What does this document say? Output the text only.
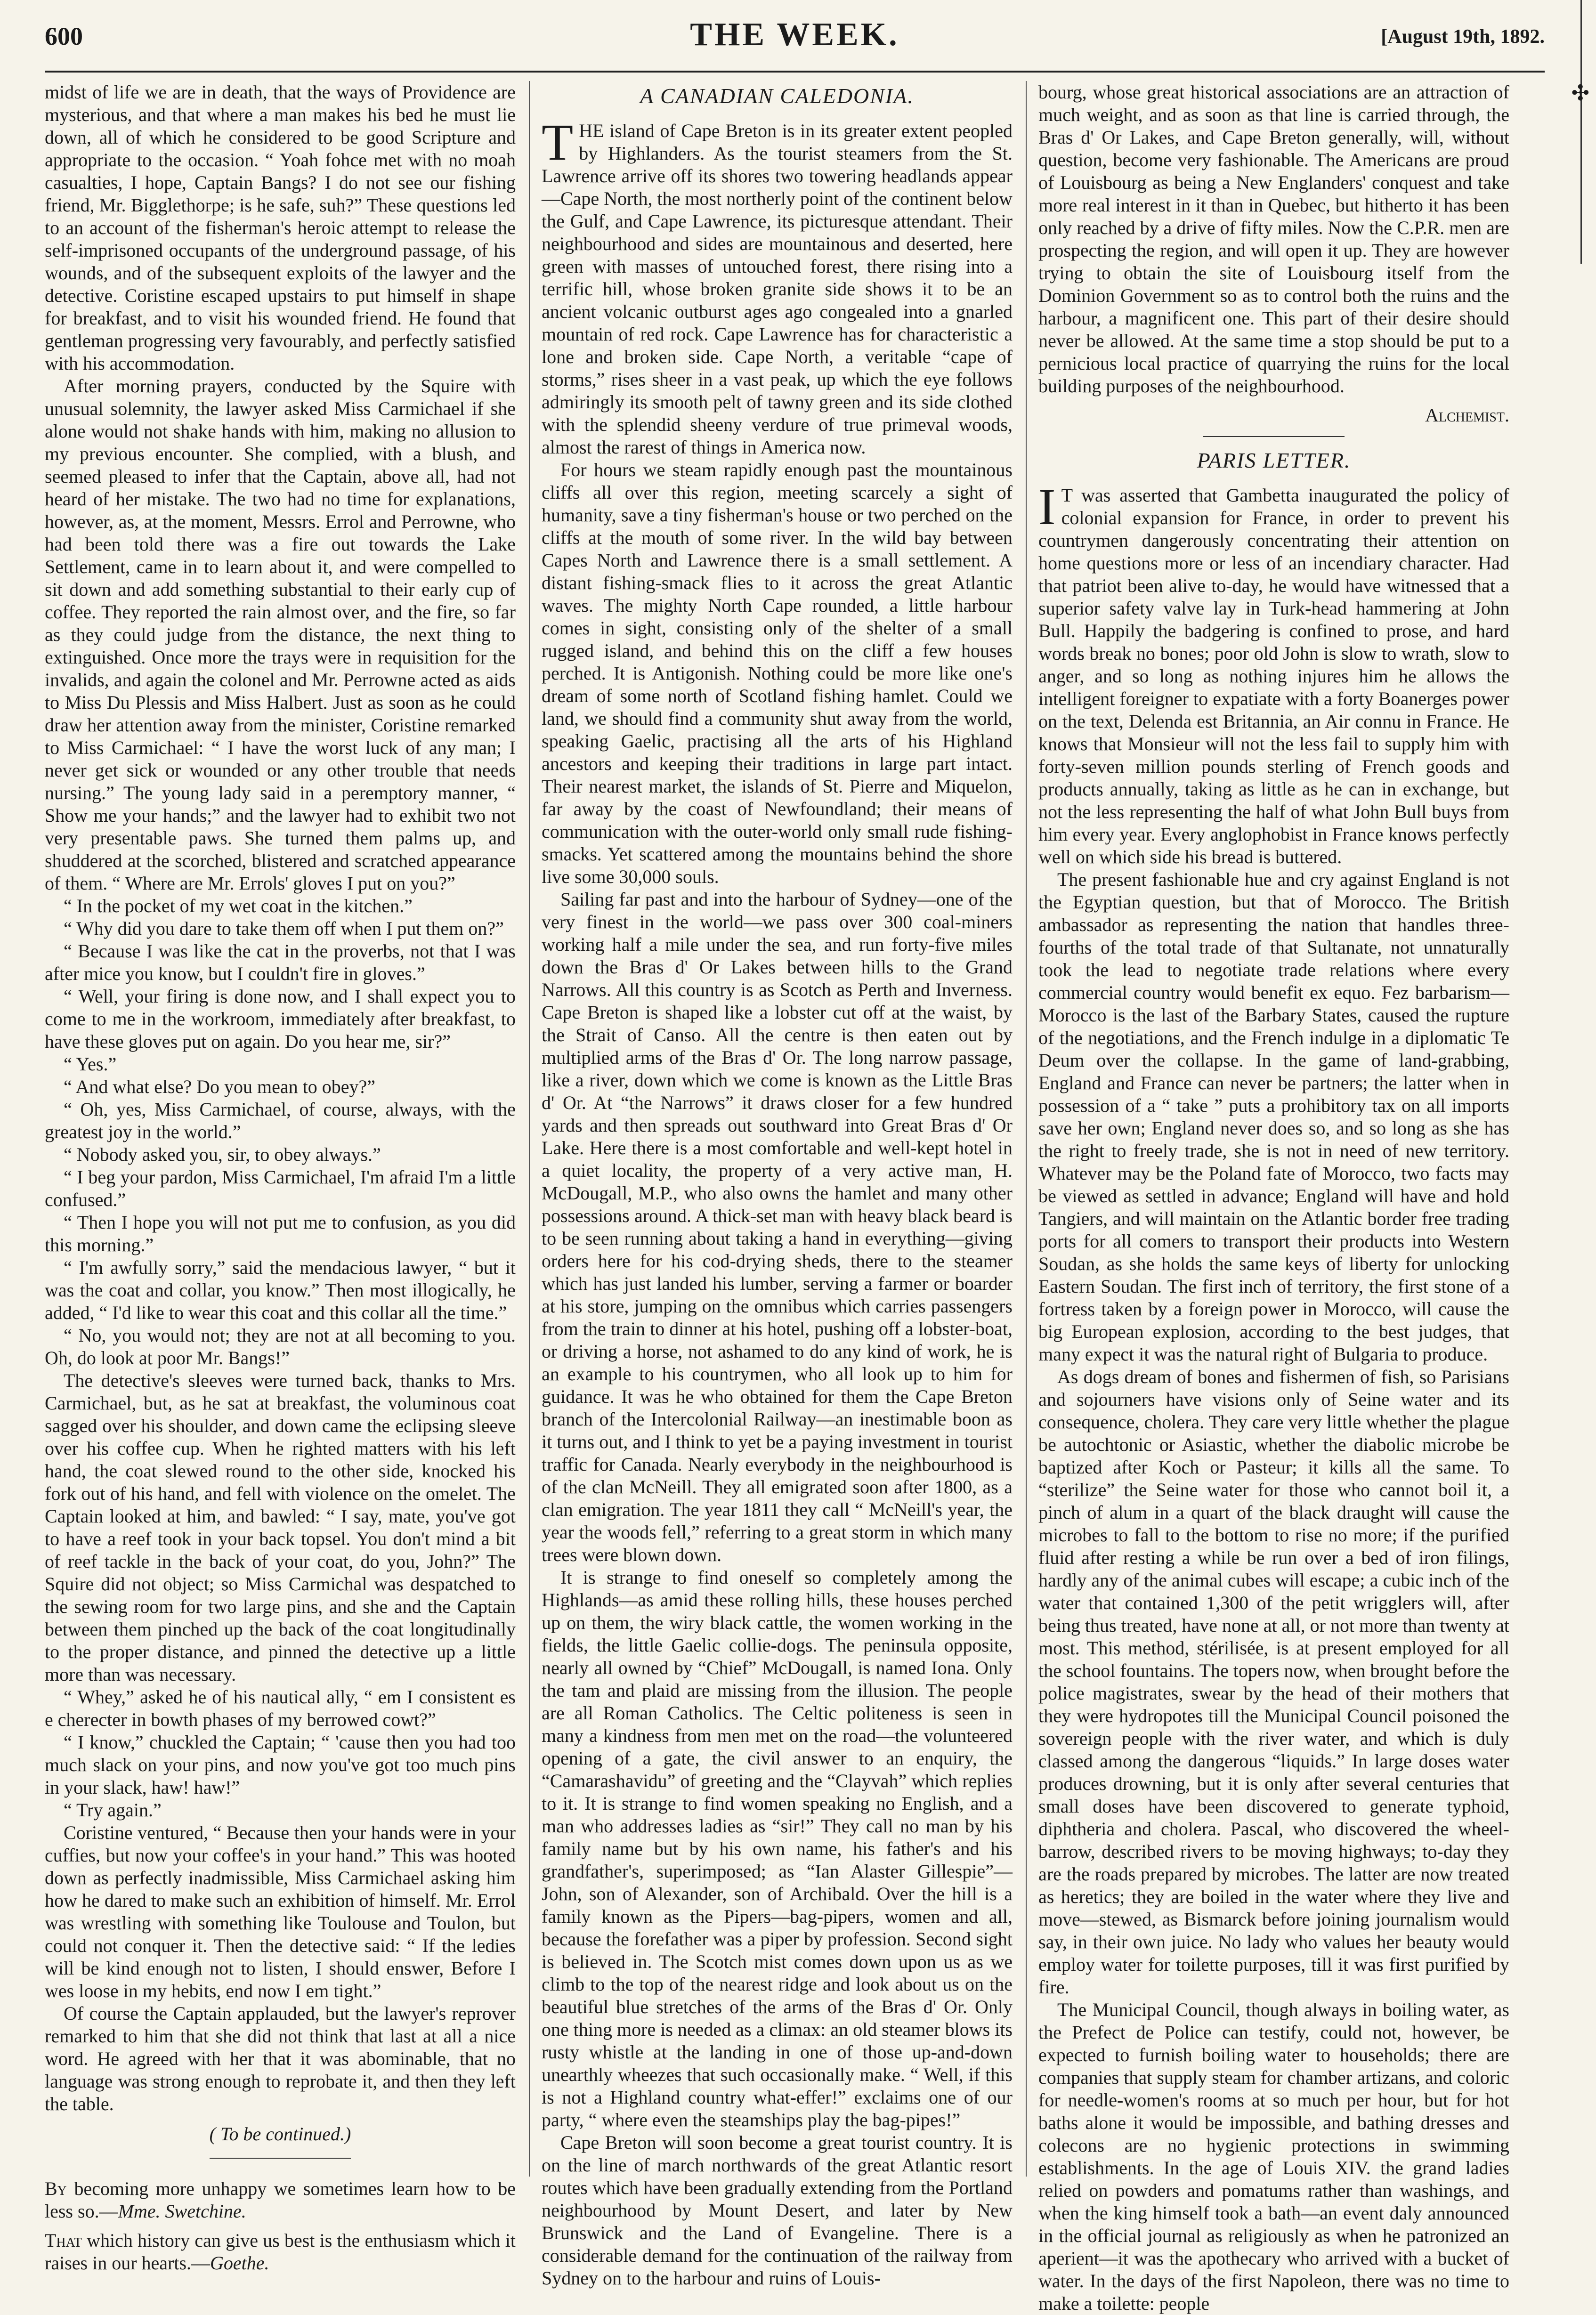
600	THE WEEK.	[August 19th, 1892.

midst of life we are in death, that the ways of Providence are mysterious, and that where a man makes his bed he must lie down, all of which he considered to be good Scripture and appropriate to the occasion. “ Yoah fohce met with no moah casualties, I hope, Captain Bangs? I do not see our fishing friend, Mr. Bigglethorpe; is he safe, suh?” These questions led to an account of the fisherman's heroic attempt to release the self-imprisoned occupants of the underground passage, of his wounds, and of the subsequent exploits of the lawyer and the detective. Coristine escaped upstairs to put himself in shape for breakfast, and to visit his wounded friend. He found that gentleman progressing very favourably, and perfectly satisfied with his accommodation.

After morning prayers, conducted by the Squire with unusual solemnity, the lawyer asked Miss Carmichael if she alone would not shake hands with him, making no allusion to my previous encounter. She complied, with a blush, and seemed pleased to infer that the Captain, above all, had not heard of her mistake. The two had no time for explanations, however, as, at the moment, Messrs. Errol and Perrowne, who had been told there was a fire out towards the Lake Settlement, came in to learn about it, and were compelled to sit down and add something substantial to their early cup of coffee. They reported the rain almost over, and the fire, so far as they could judge from the distance, the next thing to extinguished. Once more the trays were in requisition for the invalids, and again the colonel and Mr. Perrowne acted as aids to Miss Du Plessis and Miss Halbert. Just as soon as he could draw her attention away from the minister, Coristine remarked to Miss Carmichael: “ I have the worst luck of any man; I never get sick or wounded or any other trouble that needs nursing.” The young lady said in a peremptory manner, “ Show me your hands;” and the lawyer had to exhibit two not very presentable paws. She turned them palms up, and shuddered at the scorched, blistered and scratched appearance of them. “ Where are Mr. Errols' gloves I put on you?”

“ In the pocket of my wet coat in the kitchen.”

“ Why did you dare to take them off when I put them on?”

“ Because I was like the cat in the proverbs, not that I was after mice you know, but I couldn't fire in gloves.”

“ Well, your firing is done now, and I shall expect you to come to me in the workroom, immediately after breakfast, to have these gloves put on again. Do you hear me, sir?”

“ Yes.”

“ And what else? Do you mean to obey?”

“ Oh, yes, Miss Carmichael, of course, always, with the greatest joy in the world.”

“ Nobody asked you, sir, to obey always.”

“ I beg your pardon, Miss Carmichael, I'm afraid I'm a little confused.”

“ Then I hope you will not put me to confusion, as you did this morning.”

“ I'm awfully sorry,” said the mendacious lawyer, “ but it was the coat and collar, you know.” Then most illogically, he added, “ I'd like to wear this coat and this collar all the time.”

“ No, you would not; they are not at all becoming to you. Oh, do look at poor Mr. Bangs!”

The detective's sleeves were turned back, thanks to Mrs. Carmichael, but, as he sat at breakfast, the voluminous coat sagged over his shoulder, and down came the eclipsing sleeve over his coffee cup. When he righted matters with his left hand, the coat slewed round to the other side, knocked his fork out of his hand, and fell with violence on the omelet. The Captain looked at him, and bawled: “ I say, mate, you've got to have a reef took in your back topsel. You don't mind a bit of reef tackle in the back of your coat, do you, John?” The Squire did not object; so Miss Carmichal was despatched to the sewing room for two large pins, and she and the Captain between them pinched up the back of the coat longitudinally to the proper distance, and pinned the detective up a little more than was necessary.

“ Whey,” asked he of his nautical ally, “ em I consistent es e cherecter in bowth phases of my berrowed cowt?”

“ I know,” chuckled the Captain; “ 'cause then you had too much slack on your pins, and now you've got too much pins in your slack, haw! haw!”

“ Try again.”

Coristine ventured, “ Because then your hands were in your cuffies, but now your coffee's in your hand.” This was hooted down as perfectly inadmissible, Miss Carmichael asking him how he dared to make such an exhibition of himself. Mr. Errol was wrestling with something like Toulouse and Toulon, but could not conquer it. Then the detective said: “ If the ledies will be kind enough not to listen, I should enswer, Before I wes loose in my hebits, end now I em tight.”

Of course the Captain applauded, but the lawyer's reprover remarked to him that she did not think that last at all a nice word. He agreed with her that it was abominable, that no language was strong enough to reprobate it, and then they left the table.

( To be continued.)

By becoming more unhappy we sometimes learn how to be less so.—Mme. Swetchine.

That which history can give us best is the enthusiasm which it raises in our hearts.—Goethe.

A CANADIAN CALEDONIA.

THE island of Cape Breton is in its greater extent peopled by Highlanders. As the tourist steamers from the St. Lawrence arrive off its shores two towering headlands appear—Cape North, the most northerly point of the continent below the Gulf, and Cape Lawrence, its picturesque attendant. Their neighbourhood and sides are mountainous and deserted, here green with masses of untouched forest, there rising into a terrific hill, whose broken granite side shows it to be an ancient volcanic outburst ages ago congealed into a gnarled mountain of red rock. Cape Lawrence has for characteristic a lone and broken side. Cape North, a veritable “cape of storms,” rises sheer in a vast peak, up which the eye follows admiringly its smooth pelt of tawny green and its side clothed with the splendid sheeny verdure of true primeval woods, almost the rarest of things in America now.

For hours we steam rapidly enough past the mountainous cliffs all over this region, meeting scarcely a sight of humanity, save a tiny fisherman's house or two perched on the cliffs at the mouth of some river. In the wild bay between Capes North and Lawrence there is a small settlement. A distant fishing-smack flies to it across the great Atlantic waves. The mighty North Cape rounded, a little harbour comes in sight, consisting only of the shelter of a small rugged island, and behind this on the cliff a few houses perched. It is Antigonish. Nothing could be more like one's dream of some north of Scotland fishing hamlet. Could we land, we should find a community shut away from the world, speaking Gaelic, practising all the arts of his Highland ancestors and keeping their traditions in large part intact. Their nearest market, the islands of St. Pierre and Miquelon, far away by the coast of Newfoundland; their means of communication with the outer-world only small rude fishing-smacks. Yet scattered among the mountains behind the shore live some 30,000 souls.

Sailing far past and into the harbour of Sydney—one of the very finest in the world—we pass over 300 coal-miners working half a mile under the sea, and run forty-five miles down the Bras d' Or Lakes between hills to the Grand Narrows. All this country is as Scotch as Perth and Inverness. Cape Breton is shaped like a lobster cut off at the waist, by the Strait of Canso. All the centre is then eaten out by multiplied arms of the Bras d' Or. The long narrow passage, like a river, down which we come is known as the Little Bras d' Or. At “the Narrows” it draws closer for a few hundred yards and then spreads out southward into Great Bras d' Or Lake. Here there is a most comfortable and well-kept hotel in a quiet locality, the property of a very active man, H. McDougall, M.P., who also owns the hamlet and many other possessions around. A thick-set man with heavy black beard is to be seen running about taking a hand in everything—giving orders here for his cod-drying sheds, there to the steamer which has just landed his lumber, serving a farmer or boarder at his store, jumping on the omnibus which carries passengers from the train to dinner at his hotel, pushing off a lobster-boat, or driving a horse, not ashamed to do any kind of work, he is an example to his countrymen, who all look up to him for guidance. It was he who obtained for them the Cape Breton branch of the Intercolonial Railway—an inestimable boon as it turns out, and I think to yet be a paying investment in tourist traffic for Canada. Nearly everybody in the neighbourhood is of the clan McNeill. They all emigrated soon after 1800, as a clan emigration. The year 1811 they call “ McNeill's year, the year the woods fell,” referring to a great storm in which many trees were blown down.

It is strange to find oneself so completely among the Highlands—as amid these rolling hills, these houses perched up on them, the wiry black cattle, the women working in the fields, the little Gaelic collie-dogs. The peninsula opposite, nearly all owned by “Chief” McDougall, is named Iona. Only the tam and plaid are missing from the illusion. The people are all Roman Catholics. The Celtic politeness is seen in many a kindness from men met on the road—the volunteered opening of a gate, the civil answer to an enquiry, the “Camarashavidu” of greeting and the “Clayvah” which replies to it. It is strange to find women speaking no English, and a man who addresses ladies as “sir!” They call no man by his family name but by his own name, his father's and his grandfather's, superimposed; as “Ian Alaster Gillespie”—John, son of Alexander, son of Archibald. Over the hill is a family known as the Pipers—bag-pipers, women and all, because the forefather was a piper by profession. Second sight is believed in. The Scotch mist comes down upon us as we climb to the top of the nearest ridge and look about us on the beautiful blue stretches of the arms of the Bras d' Or. Only one thing more is needed as a climax: an old steamer blows its rusty whistle at the landing in one of those up-and-down unearthly wheezes that such occasionally make. “ Well, if this is not a Highland country what-effer!” exclaims one of our party, “ where even the steamships play the bag-pipes!”

Cape Breton will soon become a great tourist country. It is on the line of march northwards of the great Atlantic resort routes which have been gradually extending from the Portland neighbourhood by Mount Desert, and later by New Brunswick and the Land of Evangeline. There is a considerable demand for the continuation of the railway from Sydney on to the harbour and ruins of Louis-

bourg, whose great historical associations are an attraction of much weight, and as soon as that line is carried through, the Bras d' Or Lakes, and Cape Breton generally, will, without question, become very fashionable. The Americans are proud of Louisbourg as being a New Englanders' conquest and take more real interest in it than in Quebec, but hitherto it has been only reached by a drive of fifty miles. Now the C.P.R. men are prospecting the region, and will open it up. They are however trying to obtain the site of Louisbourg itself from the Dominion Government so as to control both the ruins and the harbour, a magnificent one. This part of their desire should never be allowed. At the same time a stop should be put to a pernicious local practice of quarrying the ruins for the local building purposes of the neighbourhood.

Alchemist.
PARIS LETTER.

I T was asserted that Gambetta inaugurated the policy of colonial expansion for France, in order to prevent his countrymen dangerously concentrating their attention on home questions more or less of an incendiary character. Had that patriot been alive to-day, he would have witnessed that a superior safety valve lay in Turk-head hammering at John Bull. Happily the badgering is confined to prose, and hard words break no bones; poor old John is slow to wrath, slow to anger, and so long as nothing injures him he allows the intelligent foreigner to expatiate with a forty Boanerges power on the text, Delenda est Britannia, an Air connu in France. He knows that Monsieur will not the less fail to supply him with forty-seven million pounds sterling of French goods and products annually, taking as little as he can in exchange, but not the less representing the half of what John Bull buys from him every year. Every anglophobist in France knows perfectly well on which side his bread is buttered.

The present fashionable hue and cry against England is not the Egyptian question, but that of Morocco. The British ambassador as representing the nation that handles three-fourths of the total trade of that Sultanate, not unnaturally took the lead to negotiate trade relations where every commercial country would benefit ex equo. Fez barbarism—Morocco is the last of the Barbary States, caused the rupture of the negotiations, and the French indulge in a diplomatic Te Deum over the collapse. In the game of land-grabbing, England and France can never be partners; the latter when in possession of a “ take ” puts a prohibitory tax on all imports save her own; England never does so, and so long as she has the right to freely trade, she is not in need of new territory. Whatever may be the Poland fate of Morocco, two facts may be viewed as settled in advance; England will have and hold Tangiers, and will maintain on the Atlantic border free trading ports for all comers to transport their products into Western Soudan, as she holds the same keys of liberty for unlocking Eastern Soudan. The first inch of territory, the first stone of a fortress taken by a foreign power in Morocco, will cause the big European explosion, according to the best judges, that many expect it was the natural right of Bulgaria to produce.

As dogs dream of bones and fishermen of fish, so Parisians and sojourners have visions only of Seine water and its consequence, cholera. They care very little whether the plague be autochtonic or Asiastic, whether the diabolic microbe be baptized after Koch or Pasteur; it kills all the same. To “sterilize” the Seine water for those who cannot boil it, a pinch of alum in a quart of the black draught will cause the microbes to fall to the bottom to rise no more; if the purified fluid after resting a while be run over a bed of iron filings, hardly any of the animal cubes will escape; a cubic inch of the water that contained 1,300 of the petit wrigglers will, after being thus treated, have none at all, or not more than twenty at most. This method, stérilisée, is at present employed for all the school fountains. The topers now, when brought before the police magistrates, swear by the head of their mothers that they were hydropotes till the Municipal Council poisoned the sovereign people with the river water, and which is duly classed among the dangerous “liquids.” In large doses water produces drowning, but it is only after several centuries that small doses have been discovered to generate typhoid, diphtheria and cholera. Pascal, who discovered the wheel-barrow, described rivers to be moving highways; to-day they are the roads prepared by microbes. The latter are now treated as heretics; they are boiled in the water where they live and move—stewed, as Bismarck before joining journalism would say, in their own juice. No lady who values her beauty would employ water for toilette purposes, till it was first purified by fire.

The Municipal Council, though always in boiling water, as the Prefect de Police can testify, could not, however, be expected to furnish boiling water to households; there are companies that supply steam for chamber artizans, and coloric for needle-women's rooms at so much per hour, but for hot baths alone it would be impossible, and bathing dresses and colecons are no hygienic protections in swimming establishments. In the age of Louis XIV. the grand ladies relied on powders and pomatums rather than washings, and when the king himself took a bath—an event daly announced in the official journal as religiously as when he patronized an aperient—it was the apothecary who arrived with a bucket of water. In the days of the first Napoleon, there was no time to make a toilette: people

✣
